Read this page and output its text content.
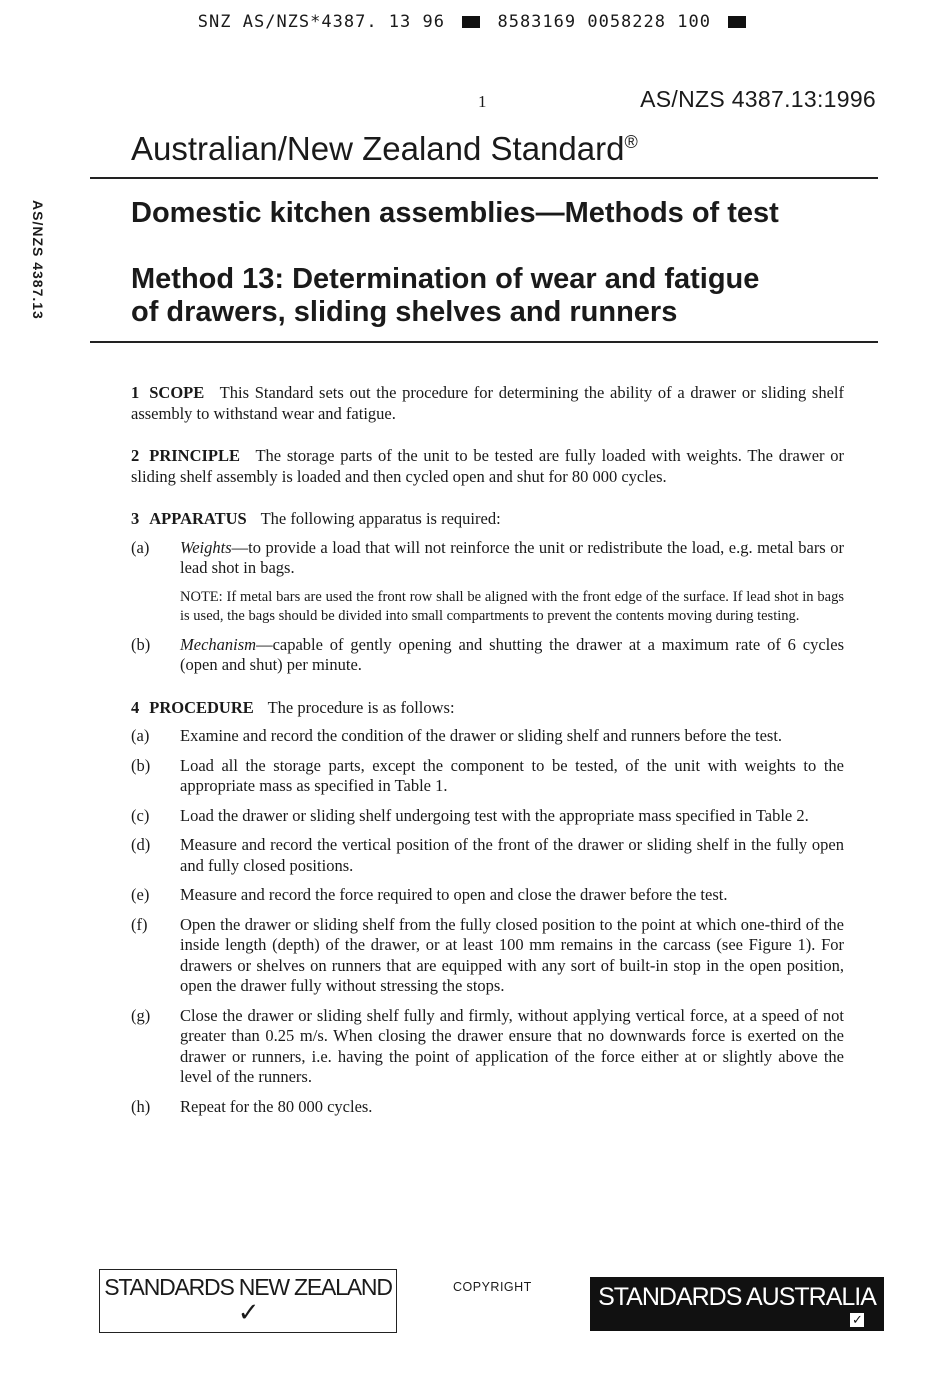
SNZ AS/NZS*4387. 13 96	8583169 0058228 100
1	AS/NZS 4387.13:1996
AS/NZS 4387.13
Australian/New Zealand Standard®
Domestic kitchen assemblies—Methods of test
Method 13: Determination of wear and fatigue
of drawers, sliding shelves and runners

1 SCOPE This Standard sets out the procedure for determining the ability of a drawer or sliding shelf assembly to withstand wear and fatigue.

2 PRINCIPLE The storage parts of the unit to be tested are fully loaded with weights. The drawer or sliding shelf assembly is loaded and then cycled open and shut for 80 000 cycles.

3 APPARATUS The following apparatus is required:

(a)	Weights—to provide a load that will not reinforce the unit or redistribute the load, e.g. metal bars or lead shot in bags.
NOTE: If metal bars are used the front row shall be aligned with the front edge of the surface. If lead shot in bags is used, the bags should be divided into small compartments to prevent the contents moving during testing.
(b)	Mechanism—capable of gently opening and shutting the drawer at a maximum rate of 6 cycles (open and shut) per minute.

4 PROCEDURE The procedure is as follows:

(a)	Examine and record the condition of the drawer or sliding shelf and runners before the test.
(b)	Load all the storage parts, except the component to be tested, of the unit with weights to the appropriate mass as specified in Table 1.
(c)	Load the drawer or sliding shelf undergoing test with the appropriate mass specified in Table 2.
(d)	Measure and record the vertical position of the front of the drawer or sliding shelf in the fully open and fully closed positions.
(e)	Measure and record the force required to open and close the drawer before the test.
(f)	Open the drawer or sliding shelf from the fully closed position to the point at which one-third of the inside length (depth) of the drawer, or at least 100 mm remains in the carcass (see Figure 1). For drawers or shelves on runners that are equipped with any sort of built-in stop in the open position, open the drawer fully without stressing the stops.
(g)	Close the drawer or sliding shelf fully and firmly, without applying vertical force, at a speed of not greater than 0.25 m/s. When closing the drawer ensure that no downwards force is exerted on the drawer or runners, i.e. having the point of application of the force either at or slightly above the level of the runners.
(h)	Repeat for the 80 000 cycles.
STANDARDS NEW ZEALAND
✓
COPYRIGHT	STANDARDS AUSTRALIA
✓
